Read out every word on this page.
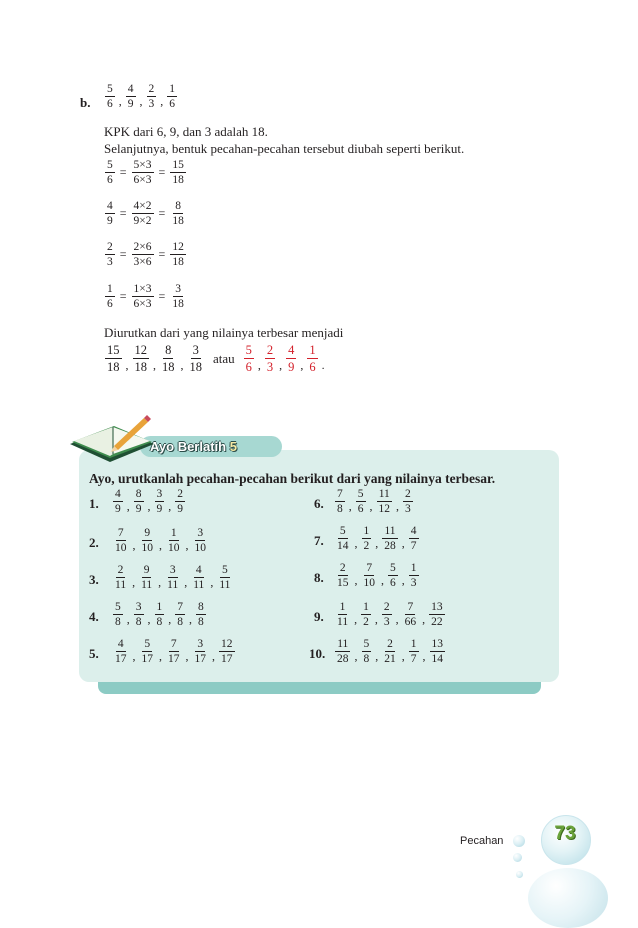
b.
5
6 ,
4
9 ,
2
3 ,
1
6
KPK dari 6, 9, dan 3 adalah 18.
Selanjutnya, bentuk pecahan-pecahan tersebut diubah seperti berikut.
$\frac{5}{6} = \frac{5\times 3}{6\times 3} = \frac{15}{18}$
$\frac{4}{9} = \frac{4\times 2}{9\times 2} = \frac{8}{18}$
$\frac{2}{3} = \frac{2\times 6}{3\times 6} = \frac{12}{18}$
$\frac{1}{6} = \frac{1\times 3}{6\times 3} = \frac{3}{18}$
Diurutkan dari yang nilainya terbesar menjadi
15
18 ,
12
18 ,
8
18 ,
3
18
atau
5
6 ,
2
3 ,
4
9 ,
1
6 .
Ayo Berlatih 5
Ayo, urutkanlah pecahan-pecahan berikut dari yang nilainya terbesar.
1.
4
9 ,
8
9 ,
3
9 ,
2
9
2.
7
10 ,
9
10 ,
1
10 ,
3
10
3.
2
11 ,
9
11 ,
3
11 ,
4
11 ,
5
11
4.
5
8 ,
3
8 ,
1
8 ,
7
8 ,
8
8
5.
4
17 ,
5
17 ,
7
17 ,
3
17 ,
12
17
6.
7
8 ,
5
6 ,
11
12 ,
2
3
7.
5
14 ,
1
2 ,
11
28 ,
4
7
8.
2
15 ,
7
10 ,
5
6 ,
1
3
9.
1
11 ,
1
2 ,
2
3 ,
7
66 ,
13
22
10.
11
28 ,
5
8 ,
2
21 ,
1
7 ,
13
14
Pecahan	73
